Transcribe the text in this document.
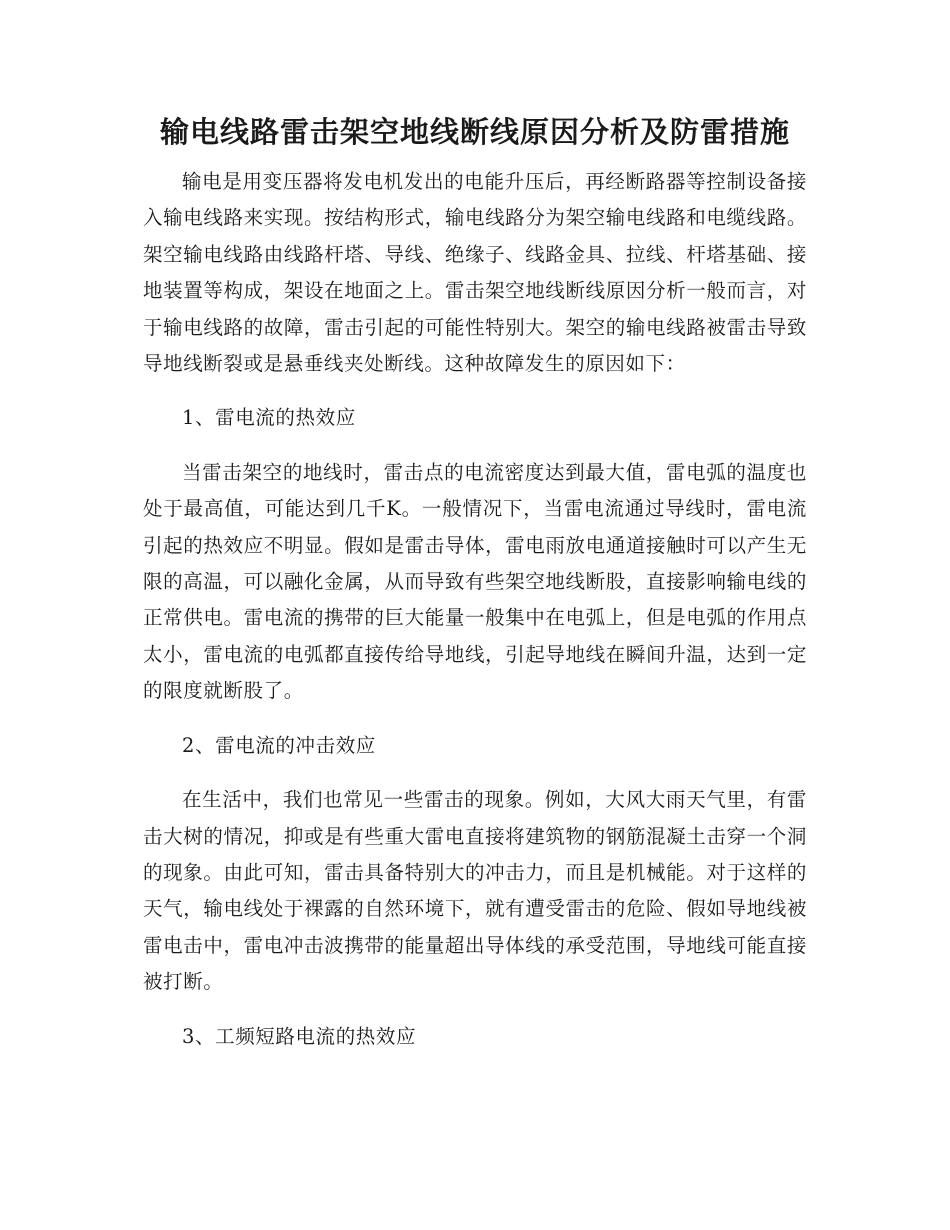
输电线路雷击架空地线断线原因分析及防雷措施

输电是用变压器将发电机发出的电能升压后，再经断路器等控制设备接入输电线路来实现。按结构形式，输电线路分为架空输电线路和电缆线路。架空输电线路由线路杆塔、导线、绝缘子、线路金具、拉线、杆塔基础、接地装置等构成，架设在地面之上。雷击架空地线断线原因分析一般而言，对于输电线路的故障，雷击引起的可能性特别大。架空的输电线路被雷击导致导地线断裂或是悬垂线夹处断线。这种故障发生的原因如下：

1、雷电流的热效应

当雷击架空的地线时，雷击点的电流密度达到最大值，雷电弧的温度也处于最高值，可能达到几千K。一般情况下，当雷电流通过导线时，雷电流引起的热效应不明显。假如是雷击导体，雷电雨放电通道接触时可以产生无限的高温，可以融化金属，从而导致有些架空地线断股，直接影响输电线的正常供电。雷电流的携带的巨大能量一般集中在电弧上，但是电弧的作用点太小，雷电流的电弧都直接传给导地线，引起导地线在瞬间升温，达到一定的限度就断股了。

2、雷电流的冲击效应

在生活中，我们也常见一些雷击的现象。例如，大风大雨天气里，有雷击大树的情况，抑或是有些重大雷电直接将建筑物的钢筋混凝土击穿一个洞的现象。由此可知，雷击具备特别大的冲击力，而且是机械能。对于这样的天气，输电线处于裸露的自然环境下，就有遭受雷击的危险、假如导地线被雷电击中，雷电冲击波携带的能量超出导体线的承受范围，导地线可能直接被打断。

3、工频短路电流的热效应
